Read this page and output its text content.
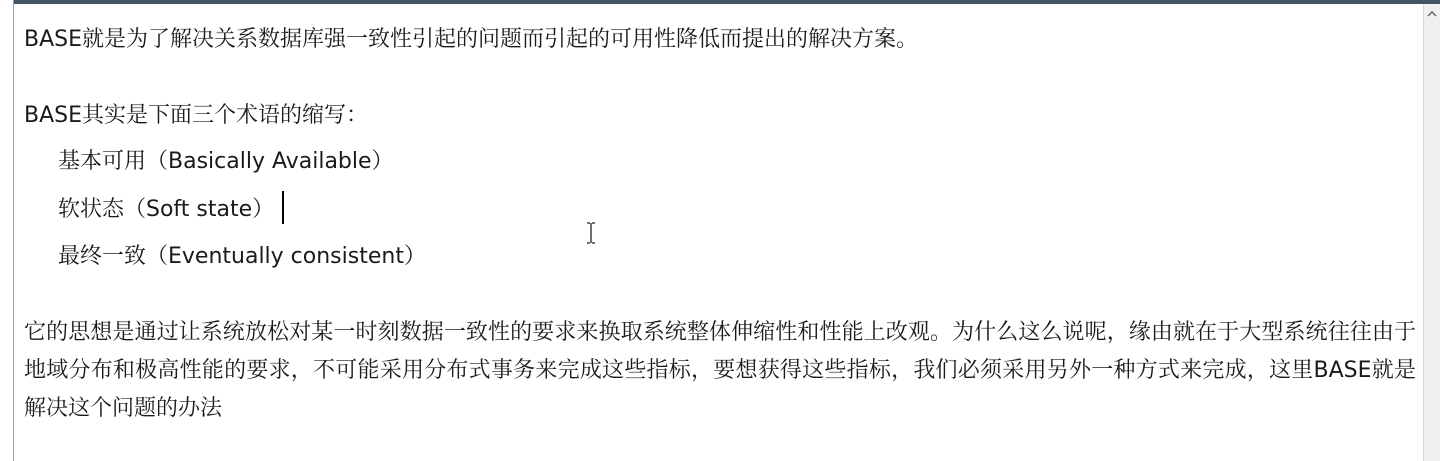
BASE就是为了解决关系数据库强一致性引起的问题而引起的可用性降低而提出的解决方案。

BASE其实是下面三个术语的缩写：

基本可用（Basically Available）

软状态（Soft state）

最终一致（Eventually consistent）

它的思想是通过让系统放松对某一时刻数据一致性的要求来换取系统整体伸缩性和性能上改观。为什么这么说呢，缘由就在于大型系统往往由于地域分布和极高性能的要求，不可能采用分布式事务来完成这些指标，要想获得这些指标，我们必须采用另外一种方式来完成，这里BASE就是解决这个问题的办法
